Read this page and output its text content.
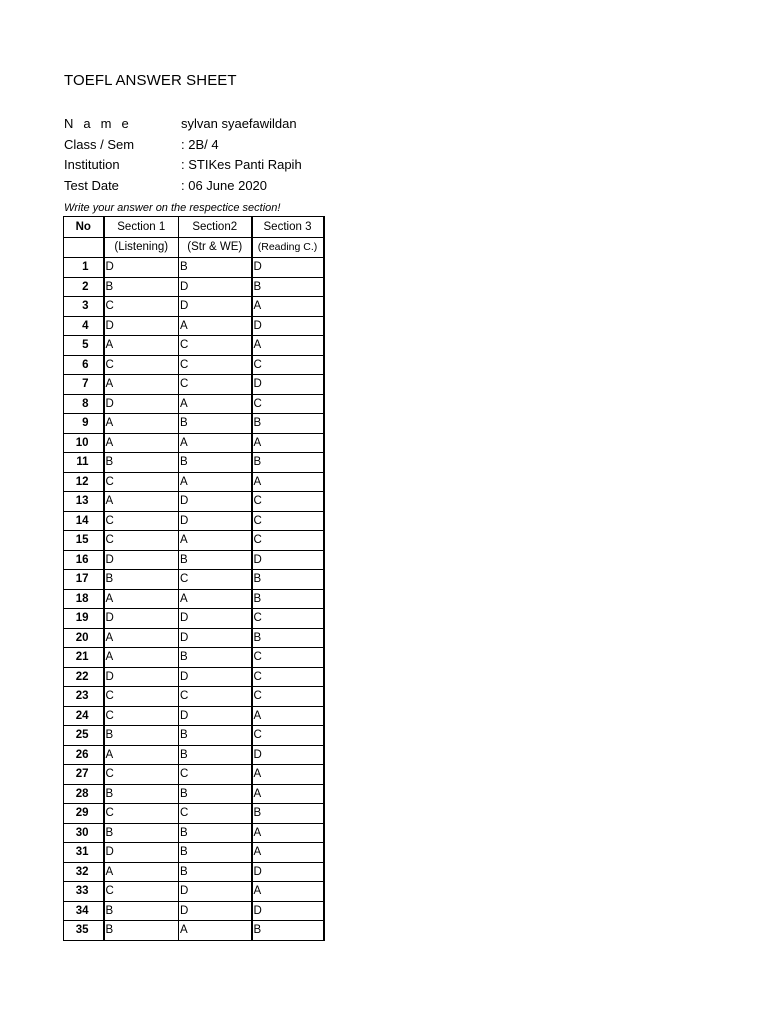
TOEFL ANSWER SHEET
N a m e	sylvan syaefawildan
Class / Sem	: 2B/ 4
Institution	: STIKes Panti Rapih
Test Date	: 06 June 2020
Write your answer on the respectice section!
No	Section 1	Section2	Section 3
	(Listening)	(Str & WE)	(Reading C.)
1	D	B	D
2	B	D	B
3	C	D	A
4	D	A	D
5	A	C	A
6	C	C	C
7	A	C	D
8	D	A	C
9	A	B	B
10	A	A	A
11	B	B	B
12	C	A	A
13	A	D	C
14	C	D	C
15	C	A	C
16	D	B	D
17	B	C	B
18	A	A	B
19	D	D	C
20	A	D	B
21	A	B	C
22	D	D	C
23	C	C	C
24	C	D	A
25	B	B	C
26	A	B	D
27	C	C	A
28	B	B	A
29	C	C	B
30	B	B	A
31	D	B	A
32	A	B	D
33	C	D	A
34	B	D	D
35	B	A	B
